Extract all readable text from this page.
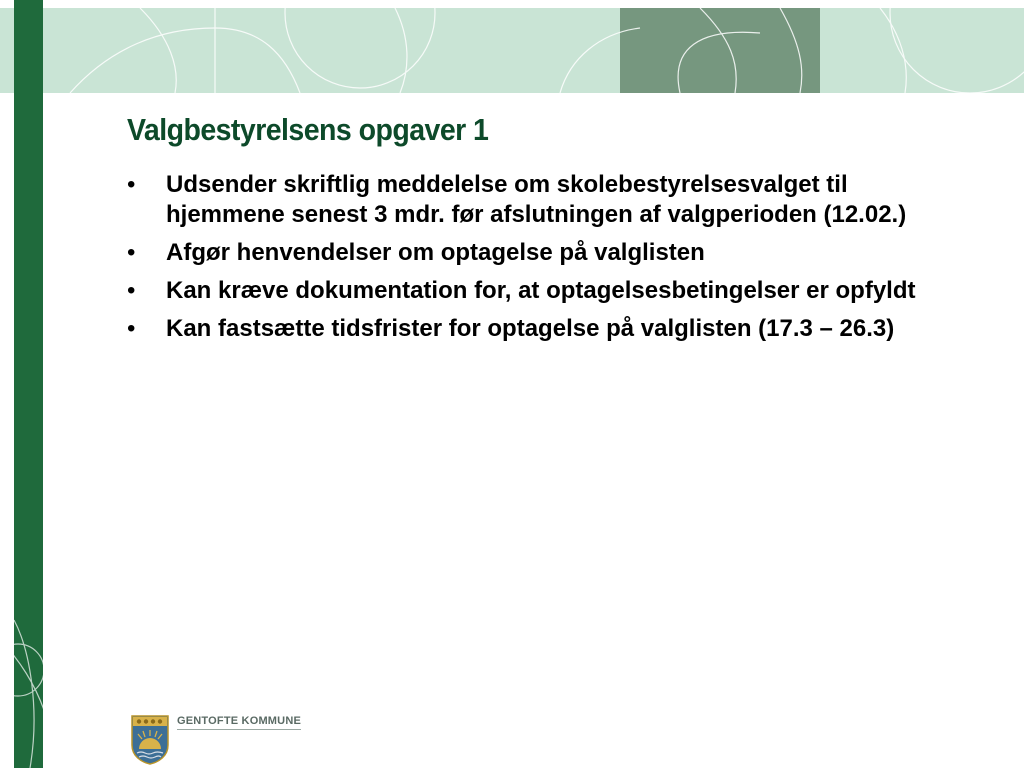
Valgbestyrelsens opgaver 1
• Udsender skriftlig meddelelse om skolebestyrelsesvalget til hjemmene senest 3 mdr. før afslutningen af valgperioden (12.02.)
• Afgør henvendelser om optagelse på valglisten
• Kan kræve dokumentation for, at optagelsesbetingelser er opfyldt
• Kan fastsætte tidsfrister for optagelse på valglisten (17.3 – 26.3)
GENTOFTE KOMMUNE
